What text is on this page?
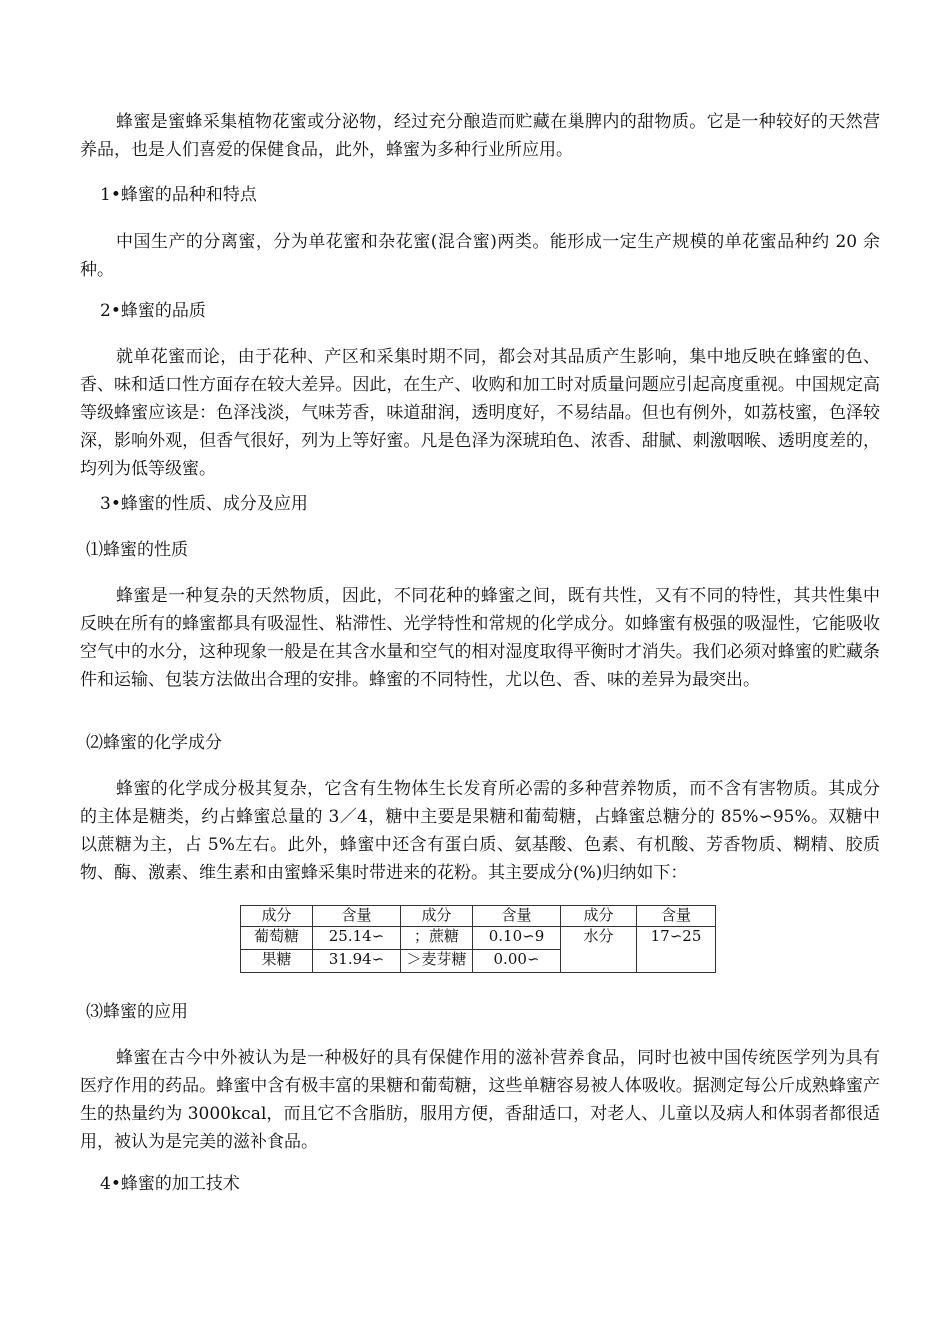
蜂蜜是蜜蜂采集植物花蜜或分泌物，经过充分酿造而贮藏在巢脾内的甜物质。它是一种较好的天然营养品，也是人们喜爱的保健食品，此外，蜂蜜为多种行业所应用。

1•蜂蜜的品种和特点

中国生产的分离蜜，分为单花蜜和杂花蜜(混合蜜)两类。能形成一定生产规模的单花蜜品种约 20 余种。

2•蜂蜜的品质

就单花蜜而论，由于花种、产区和采集时期不同，都会对其品质产生影响，集中地反映在蜂蜜的色、香、味和适口性方面存在较大差异。因此，在生产、收购和加工时对质量问题应引起高度重视。中国规定高等级蜂蜜应该是：色泽浅淡，气味芳香，味道甜润，透明度好，不易结晶。但也有例外，如荔枝蜜，色泽较深，影响外观，但香气很好，列为上等好蜜。凡是色泽为深琥珀色、浓香、甜腻、刺激咽喉、透明度差的，均列为低等级蜜。

3•蜂蜜的性质、成分及应用

⑴蜂蜜的性质

蜂蜜是一种复杂的天然物质，因此，不同花种的蜂蜜之间，既有共性，又有不同的特性，其共性集中反映在所有的蜂蜜都具有吸湿性、粘滞性、光学特性和常规的化学成分。如蜂蜜有极强的吸湿性，它能吸收空气中的水分，这种现象一般是在其含水量和空气的相对湿度取得平衡时才消失。我们必须对蜂蜜的贮藏条件和运输、包装方法做出合理的安排。蜂蜜的不同特性，尤以色、香、味的差异为最突出。

⑵蜂蜜的化学成分

蜂蜜的化学成分极其复杂，它含有生物体生长发育所必需的多种营养物质，而不含有害物质。其成分的主体是糖类，约占蜂蜜总量的 3／4，糖中主要是果糖和葡萄糖，占蜂蜜总糖分的 85%∽95%。双糖中以蔗糖为主，占 5%左右。此外，蜂蜜中还含有蛋白质、氨基酸、色素、有机酸、芳香物质、糊精、胶质物、酶、激素、维生素和由蜜蜂采集时带进来的花粉。其主要成分(%)归纳如下：

成分	含量	成分	含量	成分	含量

葡萄糖	25.14∽	；蔗糖	0.10∽9	水分	17∽25

果糖	31.94∽	＞麦芽糖	0.00∽		

⑶蜂蜜的应用

蜂蜜在古今中外被认为是一种极好的具有保健作用的滋补营养食品，同时也被中国传统医学列为具有医疗作用的药品。蜂蜜中含有极丰富的果糖和葡萄糖，这些单糖容易被人体吸收。据测定每公斤成熟蜂蜜产生的热量约为 3000kcal，而且它不含脂肪，服用方便，香甜适口，对老人、儿童以及病人和体弱者都很适用，被认为是完美的滋补食品。

4•蜂蜜的加工技术
